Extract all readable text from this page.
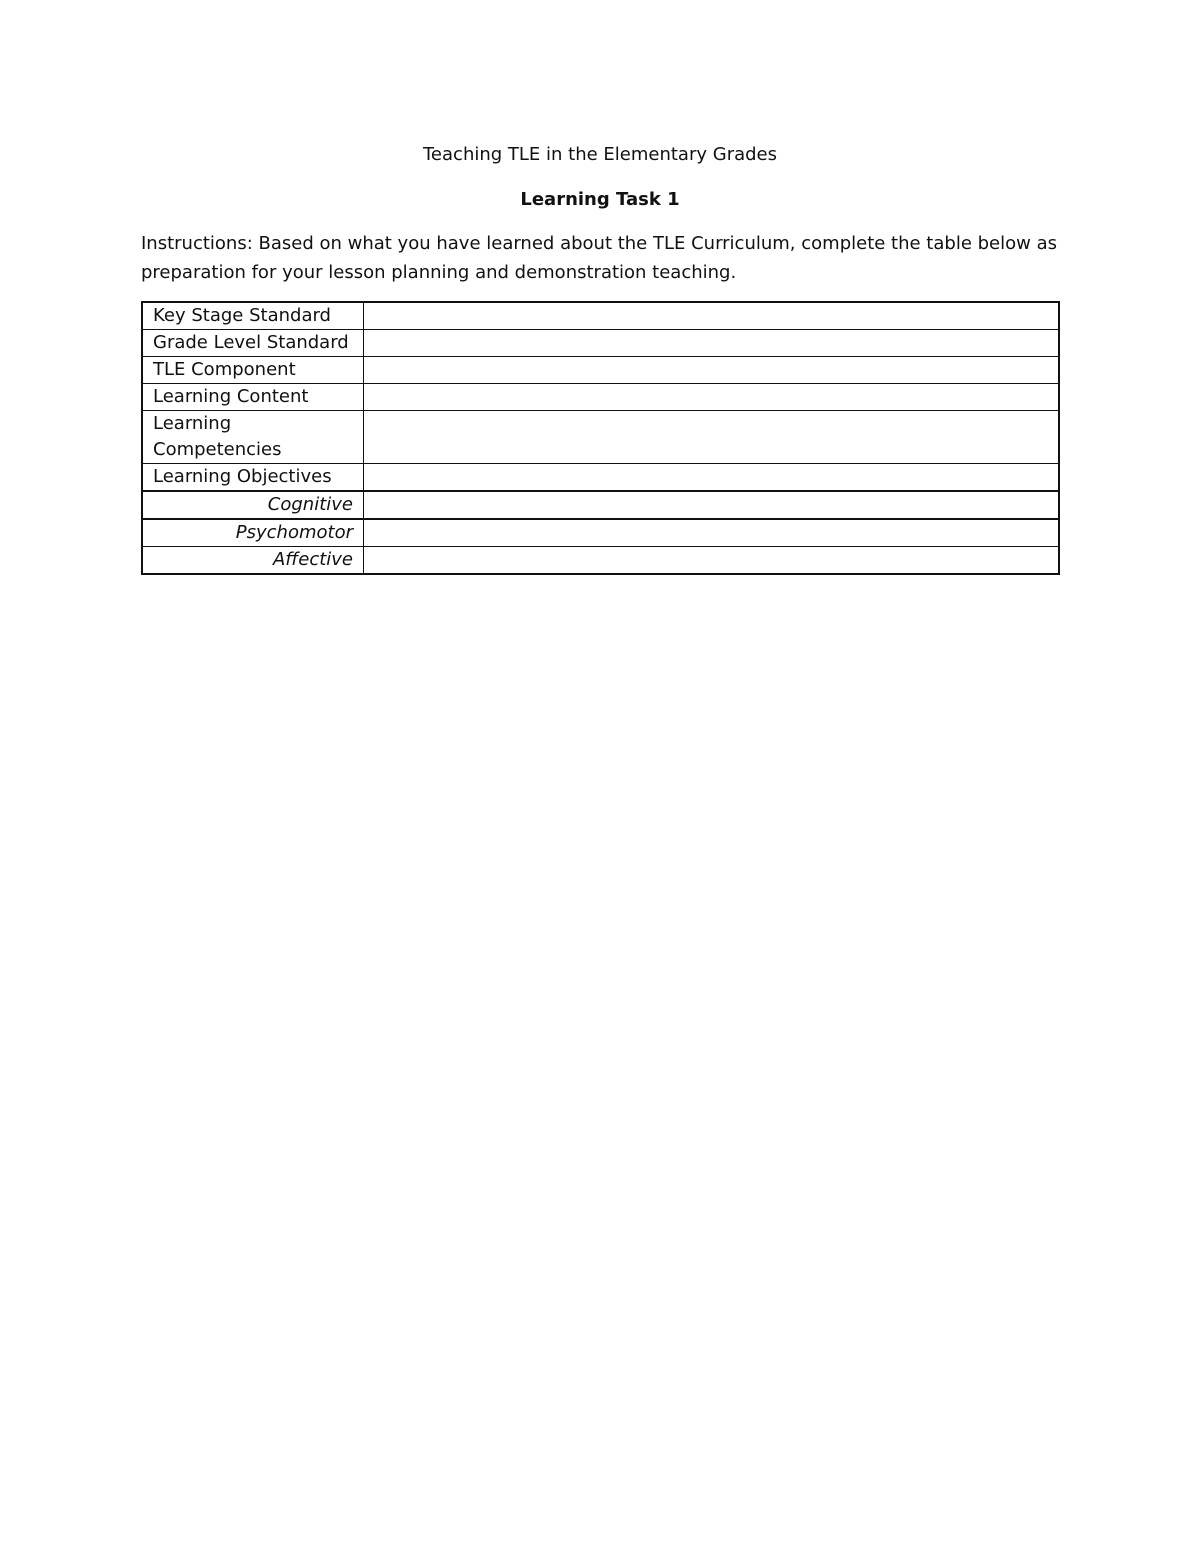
Teaching TLE in the Elementary Grades
Learning Task 1
Instructions: Based on what you have learned about the TLE Curriculum, complete the table below as preparation for your lesson planning and demonstration teaching.
Key Stage Standard	
Grade Level Standard	
TLE Component	
Learning Content	
Learning Competencies	
Learning Objectives	
Cognitive	
Psychomotor	
Affective	
